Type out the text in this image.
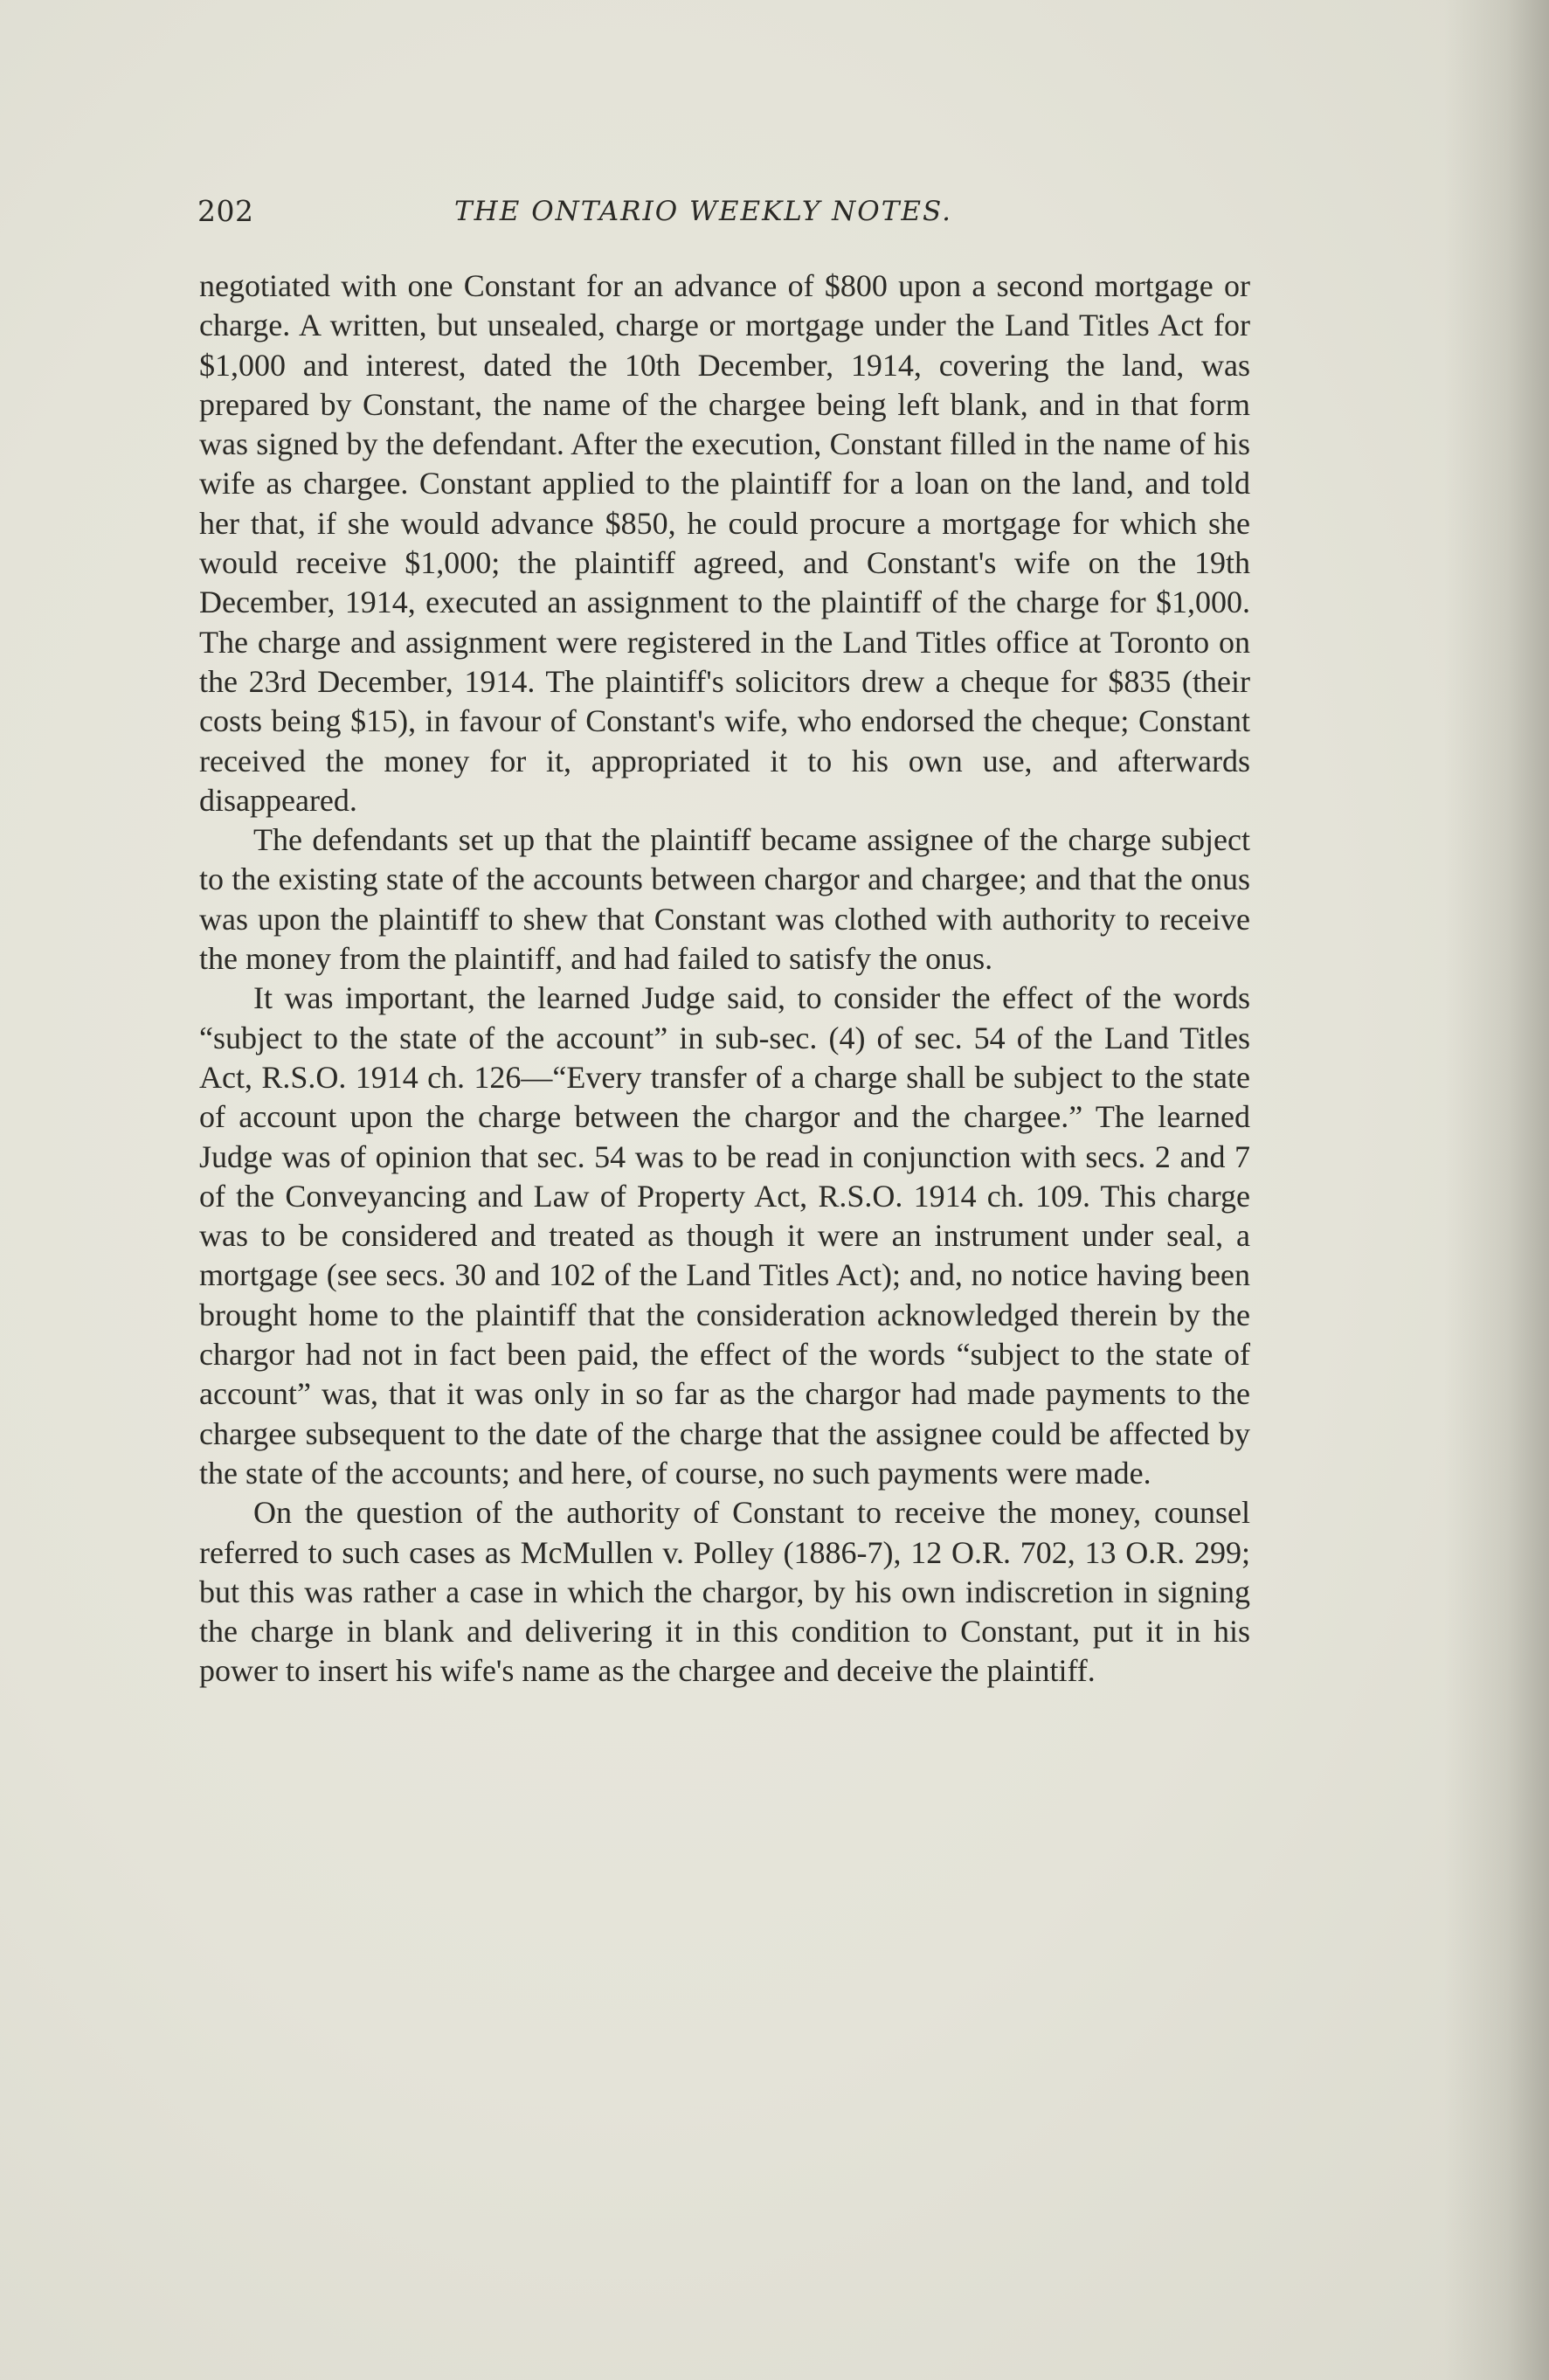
202	THE ONTARIO WEEKLY NOTES.

negotiated with one Constant for an advance of $800 upon a second mortgage or charge. A written, but unsealed, charge or mortgage under the Land Titles Act for $1,000 and interest, dated the 10th December, 1914, covering the land, was prepared by Constant, the name of the chargee being left blank, and in that form was signed by the defendant. After the execution, Constant filled in the name of his wife as chargee. Constant applied to the plaintiff for a loan on the land, and told her that, if she would advance $850, he could procure a mortgage for which she would receive $1,000; the plaintiff agreed, and Constant's wife on the 19th December, 1914, executed an assignment to the plaintiff of the charge for $1,000. The charge and assignment were registered in the Land Titles office at Toronto on the 23rd December, 1914. The plaintiff's solicitors drew a cheque for $835 (their costs being $15), in favour of Constant's wife, who endorsed the cheque; Constant received the money for it, appropriated it to his own use, and afterwards disappeared.

The defendants set up that the plaintiff became assignee of the charge subject to the existing state of the accounts between chargor and chargee; and that the onus was upon the plaintiff to shew that Constant was clothed with authority to receive the money from the plaintiff, and had failed to satisfy the onus.

It was important, the learned Judge said, to consider the effect of the words “subject to the state of the account” in sub-sec. (4) of sec. 54 of the Land Titles Act, R.S.O. 1914 ch. 126—“Every transfer of a charge shall be subject to the state of account upon the charge between the chargor and the chargee.” The learned Judge was of opinion that sec. 54 was to be read in conjunction with secs. 2 and 7 of the Conveyancing and Law of Property Act, R.S.O. 1914 ch. 109. This charge was to be considered and treated as though it were an instrument under seal, a mortgage (see secs. 30 and 102 of the Land Titles Act); and, no notice having been brought home to the plaintiff that the consideration acknowledged therein by the chargor had not in fact been paid, the effect of the words “subject to the state of account” was, that it was only in so far as the chargor had made payments to the chargee subsequent to the date of the charge that the assignee could be affected by the state of the accounts; and here, of course, no such payments were made.

On the question of the authority of Constant to receive the money, counsel referred to such cases as McMullen v. Polley (1886-7), 12 O.R. 702, 13 O.R. 299; but this was rather a case in which the chargor, by his own indiscretion in signing the charge in blank and delivering it in this condition to Constant, put it in his power to insert his wife's name as the chargee and deceive the plaintiff.
